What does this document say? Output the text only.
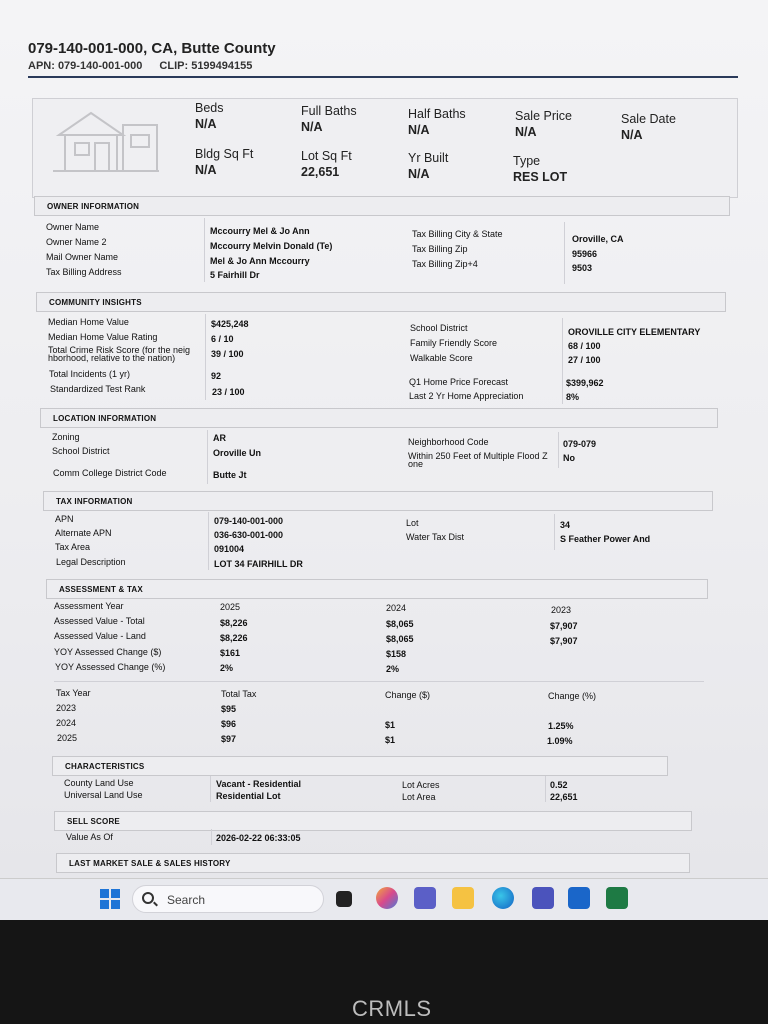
079-140-001-000, CA, Butte County
APN: 079-140-001-000 CLIP: 5199494155
Beds
N/A
Full Baths
N/A
Half Baths
N/A
Sale Price
N/A
Sale Date
N/A
Bldg Sq Ft
N/A
Lot Sq Ft
22,651
Yr Built
N/A
Type
RES LOT
OWNER INFORMATION
Owner Name	Mccourry Mel & Jo Ann
Owner Name 2	Mccourry Melvin Donald (Te)
Mail Owner Name	Mel & Jo Ann Mccourry
Tax Billing Address	5 Fairhill Dr
Tax Billing City & State	Oroville, CA
Tax Billing Zip	95966
Tax Billing Zip+4	9503
COMMUNITY INSIGHTS
Median Home Value	$425,248
Median Home Value Rating	6 / 10
Total Crime Risk Score (for the neig
hborhood, relative to the nation)	39 / 100
Total Incidents (1 yr)	92
Standardized Test Rank	23 / 100
School District	OROVILLE CITY ELEMENTARY
Family Friendly Score	68 / 100
Walkable Score	27 / 100
Q1 Home Price Forecast	$399,962
Last 2 Yr Home Appreciation	8%
LOCATION INFORMATION
Zoning	AR
School District	Oroville Un
Comm College District Code	Butte Jt
Neighborhood Code	079-079
Within 250 Feet of Multiple Flood Z
one
No
TAX INFORMATION
APN	079-140-001-000
Alternate APN	036-630-001-000
Tax Area	091004
Legal Description	LOT 34 FAIRHILL DR
Lot	34
Water Tax Dist	S Feather Power And
ASSESSMENT & TAX
Assessment Year	2025	2024	2023
Assessed Value - Total	$8,226	$8,065	$7,907
Assessed Value - Land	$8,226	$8,065	$7,907
YOY Assessed Change ($)	$161	$158
YOY Assessed Change (%)	2%	2%
Tax Year	Total Tax	Change ($)	Change (%)
2023	$95
2024	$96	$1	1.25%
2025	$97	$1	1.09%
CHARACTERISTICS
County Land Use	Vacant - Residential
Universal Land Use	Residential Lot
Lot Acres	0.52
Lot Area	22,651
SELL SCORE
Value As Of	2026-02-22 06:33:05
LAST MARKET SALE & SALES HISTORY
Search
CRMLS
